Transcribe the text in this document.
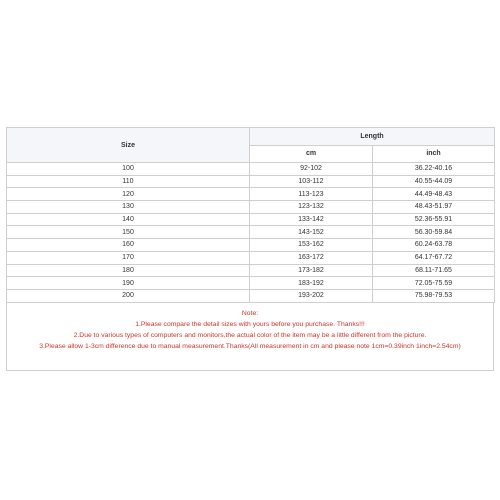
Size	Length	
	cm	inch
100	92-102	36.22-40.16
110	103-112	40.55-44.09
120	113-123	44.49-48.43
130	123-132	48.43-51.97
140	133-142	52.36-55.91
150	143-152	56.30-59.84
160	153-162	60.24-63.78
170	163-172	64.17-67.72
180	173-182	68.11-71.65
190	183-192	72.05-75.59
200	193-202	75.98-79.53
Note:
1.Please compare the detail sizes with yours before you purchase. Thanks!!!
2.Due to various types of computers and monitors,the actual color of the item may be a little different from the picture.
3.Please allow 1-3cm difference due to manual measurement.Thanks(All measurement in cm and please note 1cm=0.39inch 1inch=2.54cm)
